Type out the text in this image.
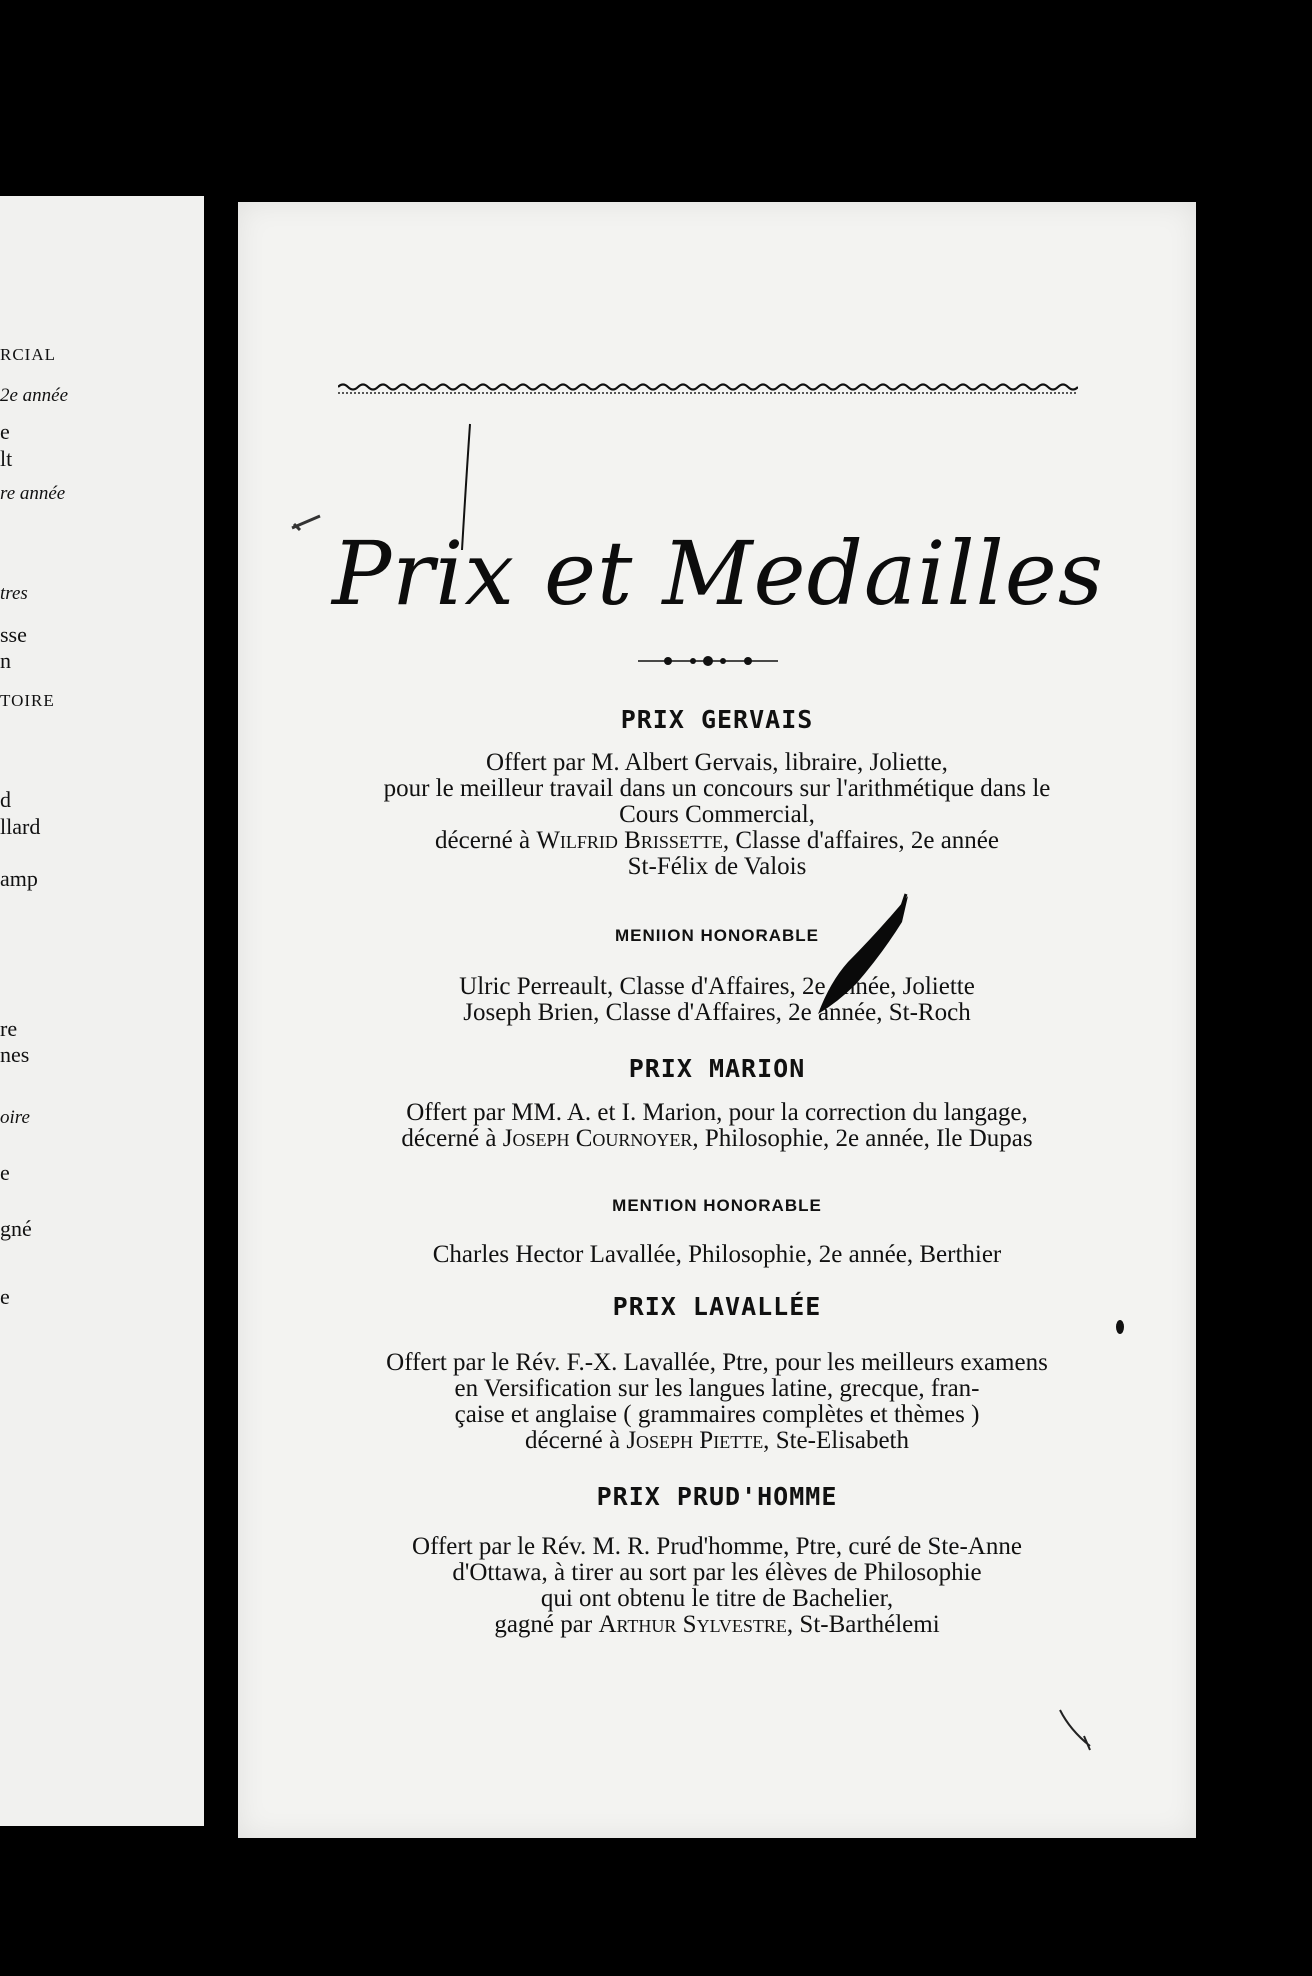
RCIAL
2e année
e
lt
re année
tres
sse
n
TOIRE
d
llard
amp
re
nes
oire
e
gné
e
Prix et Medailles
PRIX GERVAIS
Offert par M. Albert Gervais, libraire, Joliette,
pour le meilleur travail dans un concours sur l'arithmétique dans le
Cours Commercial,
décerné à Wilfrid Brissette, Classe d'affaires, 2e année
St-Félix de Valois
MENIION HONORABLE
Ulric Perreault, Classe d'Affaires, 2e année, Joliette
Joseph Brien, Classe d'Affaires, 2e année, St-Roch
PRIX MARION
Offert par MM. A. et I. Marion, pour la correction du langage,
décerné à Joseph Cournoyer, Philosophie, 2e année, Ile Dupas
MENTION HONORABLE
Charles Hector Lavallée, Philosophie, 2e année, Berthier
PRIX LAVALLÉE
Offert par le Rév. F.-X. Lavallée, Ptre, pour les meilleurs examens
en Versification sur les langues latine, grecque, fran-
çaise et anglaise ( grammaires complètes et thèmes )
décerné à Joseph Piette, Ste-Elisabeth
PRIX PRUD'HOMME
Offert par le Rév. M. R. Prud'homme, Ptre, curé de Ste-Anne
d'Ottawa, à tirer au sort par les élèves de Philosophie
qui ont obtenu le titre de Bachelier,
gagné par Arthur Sylvestre, St-Barthélemi
